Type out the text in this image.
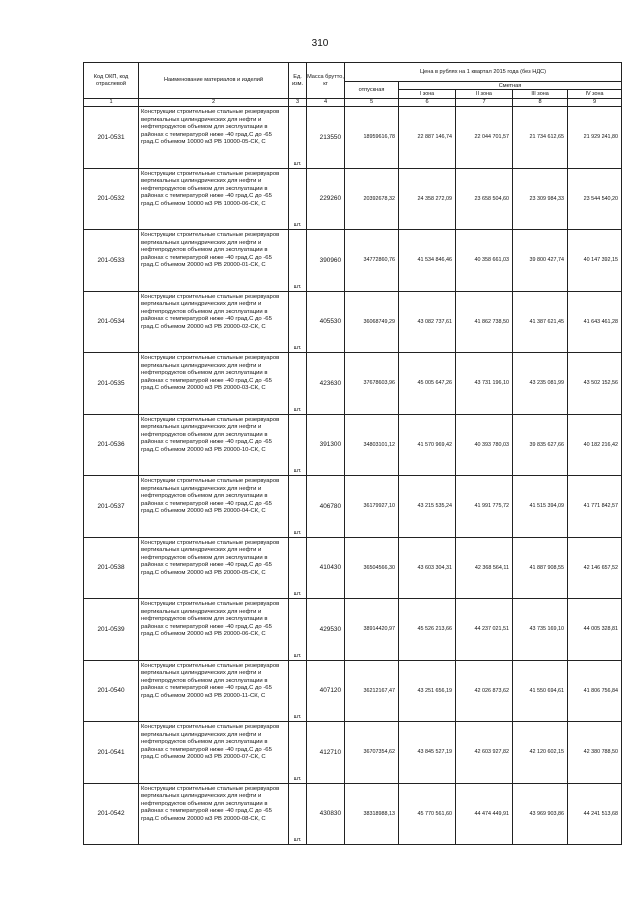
310
Код ОКП, код отраслевой	Наименование материалов и изделий	Ед. изм.	Масса брутто, кг	Цена в рублях на 1 квартал 2015 года (без НДС)				
				отпускная	Сметная			
					I зона	II зона	III зона	IV зона
1	2	3	4	5	6	7	8	9
201-0531	Конструкции строительные стальные резервуаров вертикальных цилиндрических для нефти и нефтепродуктов объемом для эксплуатации в районах с температурой ниже -40 град.С до -65 град.С объемом 10000 м3 РВ 10000-05-СК, С	шт.	213550	18959616,78	22 887 146,74	22 044 701,57	21 734 612,65	21 929 241,80
201-0532	Конструкции строительные стальные резервуаров вертикальных цилиндрических для нефти и нефтепродуктов объемом для эксплуатации в районах с температурой ниже -40 град.С до -65 град.С объемом 10000 м3 РВ 10000-06-СК, С	шт.	229260	20392678,32	24 358 272,09	23 658 504,60	23 309 984,33	23 544 540,20
201-0533	Конструкции строительные стальные резервуаров вертикальных цилиндрических для нефти и нефтепродуктов объемом для эксплуатации в районах с температурой ниже -40 град.С до -65 град.С объемом 20000 м3 РВ 20000-01-СК, С	шт.	390960	34772860,76	41 534 846,46	40 358 661,03	39 800 427,74	40 147 392,15
201-0534	Конструкции строительные стальные резервуаров вертикальных цилиндрических для нефти и нефтепродуктов объемом для эксплуатации в районах с температурой ниже -40 град.С до -65 град.С объемом 20000 м3 РВ 20000-02-СК, С	шт.	405530	36068749,29	43 082 737,61	41 862 738,50	41 387 621,45	41 643 461,28
201-0535	Конструкции строительные стальные резервуаров вертикальных цилиндрических для нефти и нефтепродуктов объемом для эксплуатации в районах с температурой ниже -40 град.С до -65 град.С объемом 20000 м3 РВ 20000-03-СК, С	шт.	423630	37678603,96	45 005 647,26	43 731 196,10	43 235 081,99	43 502 152,56
201-0536	Конструкции строительные стальные резервуаров вертикальных цилиндрических для нефти и нефтепродуктов объемом для эксплуатации в районах с температурой ниже -40 град.С до -65 град.С объемом 20000 м3 РВ 20000-10-СК, С	шт.	391300	34803101,12	41 570 969,42	40 393 780,03	39 835 627,66	40 182 216,42
201-0537	Конструкции строительные стальные резервуаров вертикальных цилиндрических для нефти и нефтепродуктов объемом для эксплуатации в районах с температурой ниже -40 град.С до -65 град.С объемом 20000 м3 РВ 20000-04-СК, С	шт.	406780	36179927,10	43 215 535,24	41 991 775,72	41 515 394,09	41 771 842,57
201-0538	Конструкции строительные стальные резервуаров вертикальных цилиндрических для нефти и нефтепродуктов объемом для эксплуатации в районах с температурой ниже -40 град.С до -65 град.С объемом 20000 м3 РВ 20000-05-СК, С	шт.	410430	36504566,30	43 603 304,31	42 368 564,11	41 887 908,55	42 146 657,52
201-0539	Конструкции строительные стальные резервуаров вертикальных цилиндрических для нефти и нефтепродуктов объемом для эксплуатации в районах с температурой ниже -40 град.С до -65 град.С объемом 20000 м3 РВ 20000-06-СК, С	шт.	429530	38914420,97	45 526 213,66	44 237 021,51	43 735 169,10	44 005 328,81
201-0540	Конструкции строительные стальные резервуаров вертикальных цилиндрических для нефти и нефтепродуктов объемом для эксплуатации в районах с температурой ниже -40 град.С до -65 град.С объемом 20000 м3 РВ 20000-11-СК, С	шт.	407120	36212167,47	43 251 656,19	42 026 873,62	41 550 694,61	41 806 756,84
201-0541	Конструкции строительные стальные резервуаров вертикальных цилиндрических для нефти и нефтепродуктов объемом для эксплуатации в районах с температурой ниже -40 град.С до -65 град.С объемом 20000 м3 РВ 20000-07-СК, С	шт.	412710	36707354,62	43 845 527,19	42 603 927,82	42 120 602,15	42 380 788,50
201-0542	Конструкции строительные стальные резервуаров вертикальных цилиндрических для нефти и нефтепродуктов объемом для эксплуатации в районах с температурой ниже -40 град.С до -65 град.С объемом 20000 м3 РВ 20000-08-СК, С	шт.	430830	38318988,13	45 770 561,60	44 474 449,91	43 969 903,86	44 241 513,68
